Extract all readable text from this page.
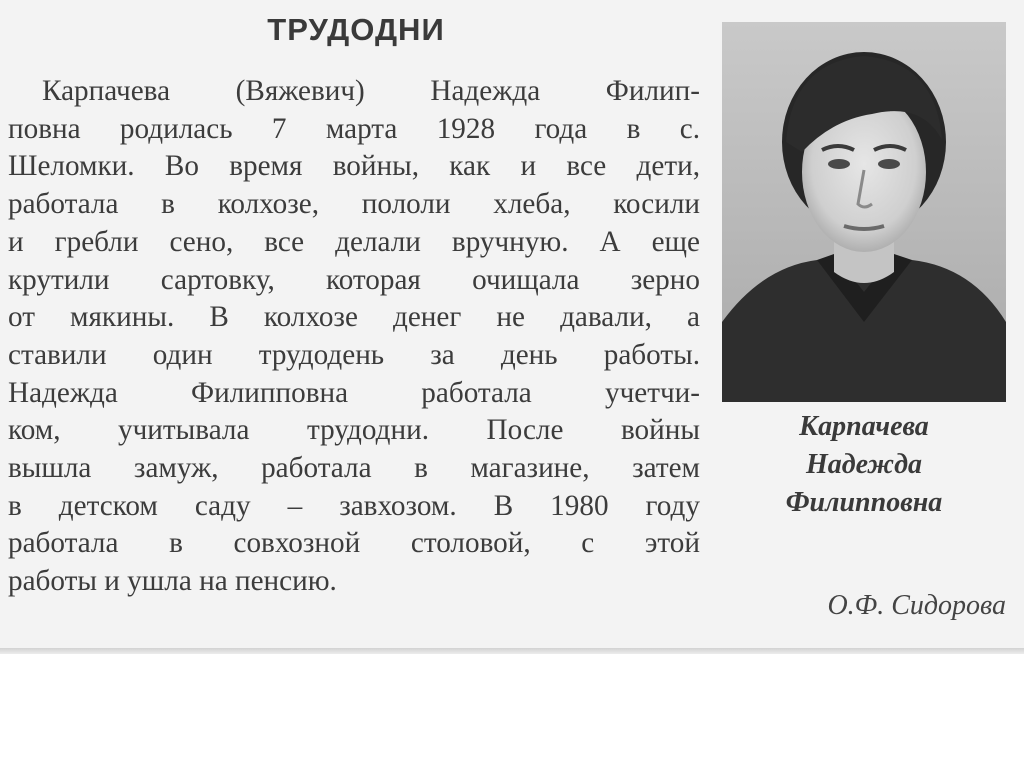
ТРУДОДНИ
Карпачева (Вяжевич) Надежда Филип-
повна родилась 7 марта 1928 года в с.
Шеломки. Во время войны, как и все дети,
работала в колхозе, пололи хлеба, косили
и гребли сено, все делали вручную. А еще
крутили сартовку, которая очищала зерно
от мякины. В колхозе денег не давали, а
ставили один трудодень за день работы.
Надежда Филипповна работала учетчи-
ком, учитывала трудодни. После войны
вышла замуж, работала в магазине, затем
в детском саду – завхозом. В 1980 году
работала в совхозной столовой, с этой
работы и ушла на пенсию.
Карпачева
Надежда
Филипповна
О.Ф. Сидорова
